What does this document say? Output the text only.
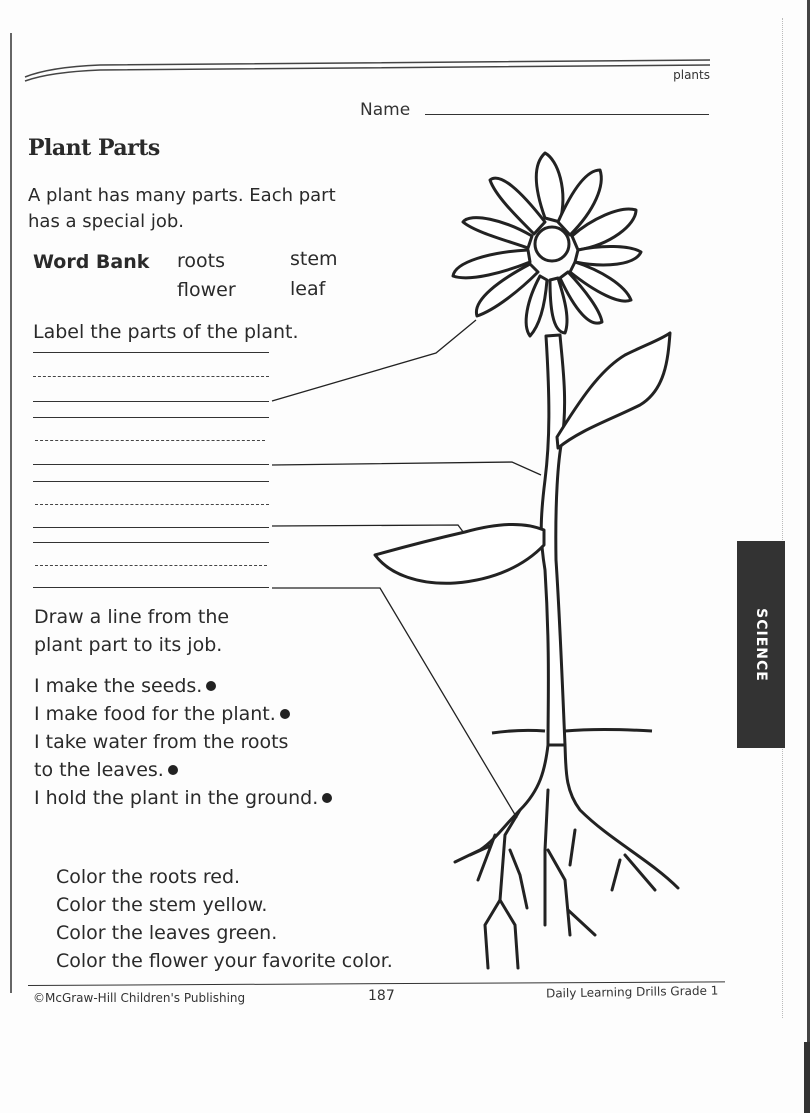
plants
Name
Plant Parts
A plant has many parts. Each part has a special job.
Word Bank roots	stem
flower	leaf
Label the parts of the plant.
Draw a line from the
plant part to its job.
I make the seeds.
I make food for the plant.
I take water from the roots
to the leaves.
I hold the plant in the ground.
Color the roots red.
Color the stem yellow.
Color the leaves green.
Color the flower your favorite color.
©McGraw-Hill Children's Publishing	187	Daily Learning Drills Grade 1
SCIENCE
